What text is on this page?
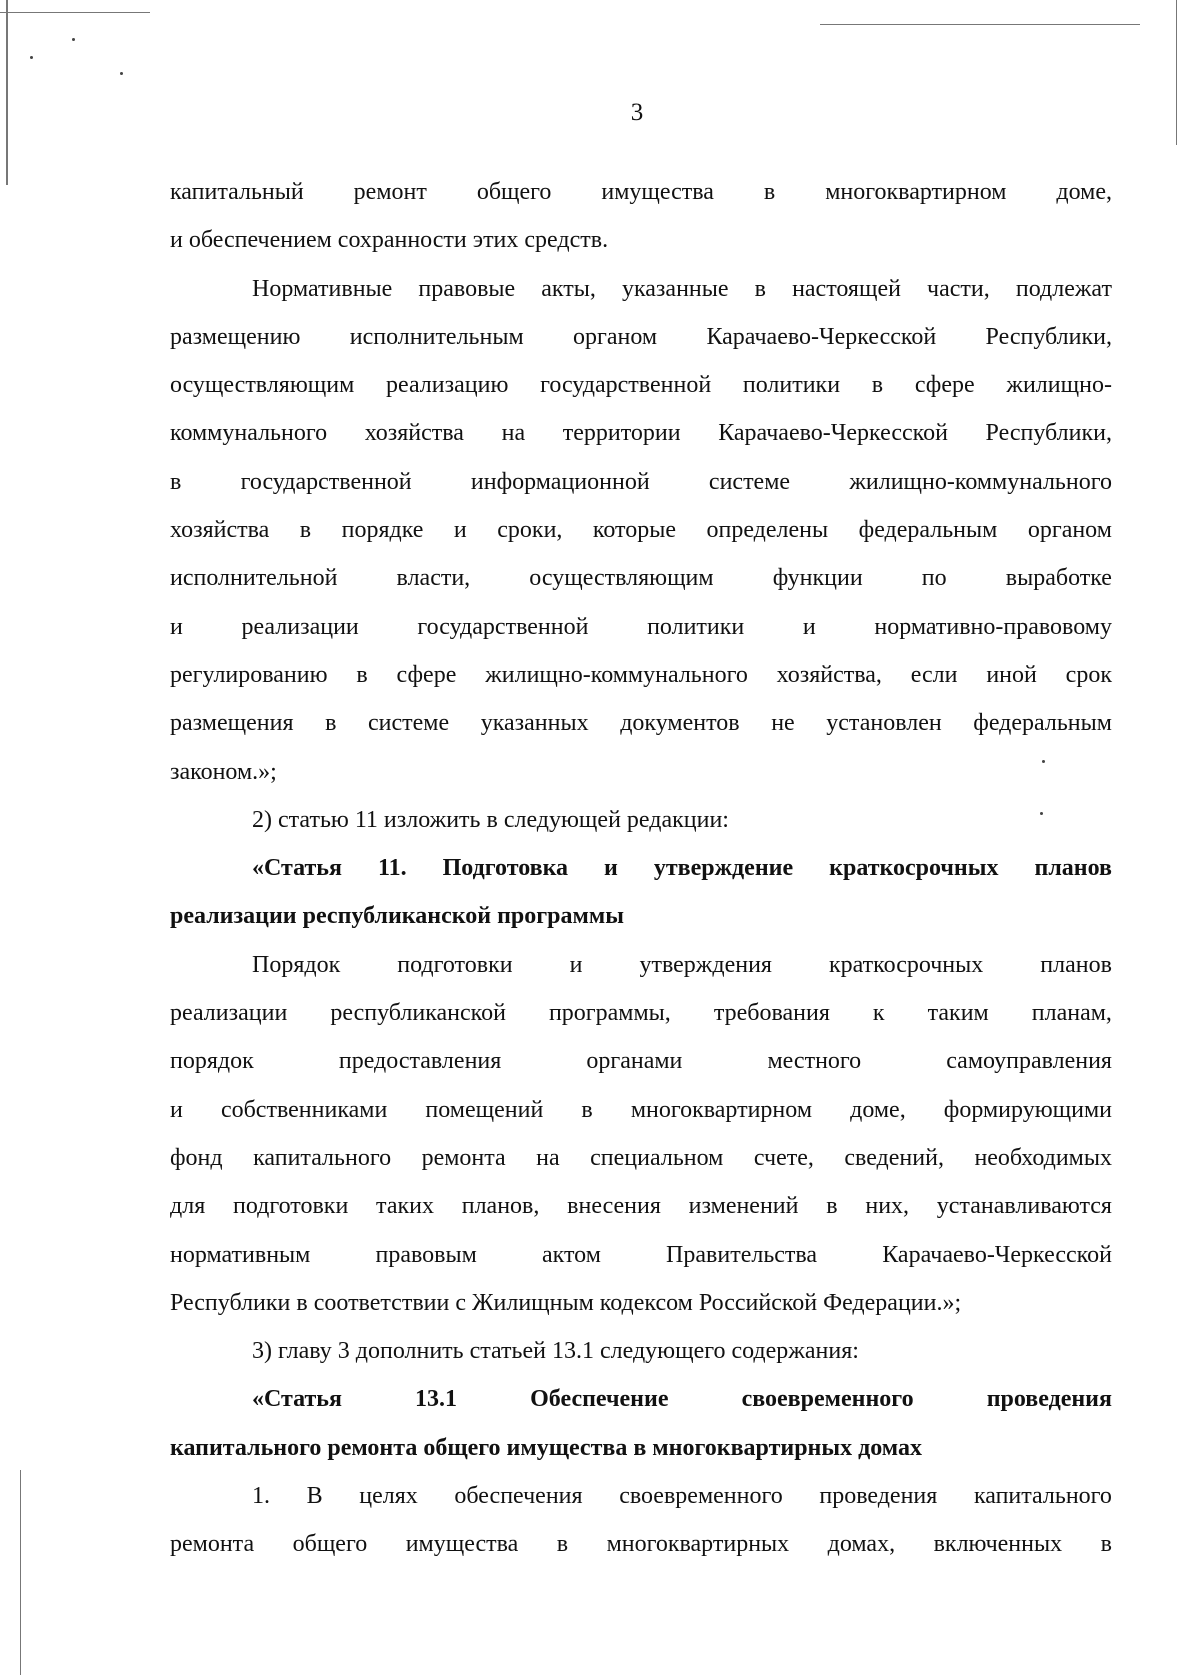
3
капитальный ремонт общего имущества в многоквартирном доме,
и обеспечением сохранности этих средств.
Нормативные правовые акты, указанные в настоящей части, подлежат
размещению исполнительным органом Карачаево-Черкесской Республики,
осуществляющим реализацию государственной политики в сфере жилищно-
коммунального хозяйства на территории Карачаево-Черкесской Республики,
в государственной информационной системе жилищно-коммунального
хозяйства в порядке и сроки, которые определены федеральным органом
исполнительной власти, осуществляющим функции по выработке
и реализации государственной политики и нормативно-правовому
регулированию в сфере жилищно-коммунального хозяйства, если иной срок
размещения в системе указанных документов не установлен федеральным
законом.»;
2) статью 11 изложить в следующей редакции:
«Статья 11. Подготовка и утверждение краткосрочных планов
реализации республиканской программы
Порядок подготовки и утверждения краткосрочных планов
реализации республиканской программы, требования к таким планам,
порядок	предоставления	органами	местного	самоуправления
и собственниками помещений в многоквартирном доме, формирующими
фонд капитального ремонта на специальном счете, сведений, необходимых
для подготовки таких планов, внесения изменений в них, устанавливаются
нормативным	правовым	актом	Правительства	Карачаево-Черкесской
Республики в соответствии с Жилищным кодексом Российской Федерации.»;
3) главу 3 дополнить статьей 13.1 следующего содержания:
«Статья	13.1	Обеспечение	своевременного	проведения
капитального ремонта общего имущества в многоквартирных домах
1. В целях обеспечения своевременного проведения капитального
ремонта общего имущества в многоквартирных домах, включенных в
